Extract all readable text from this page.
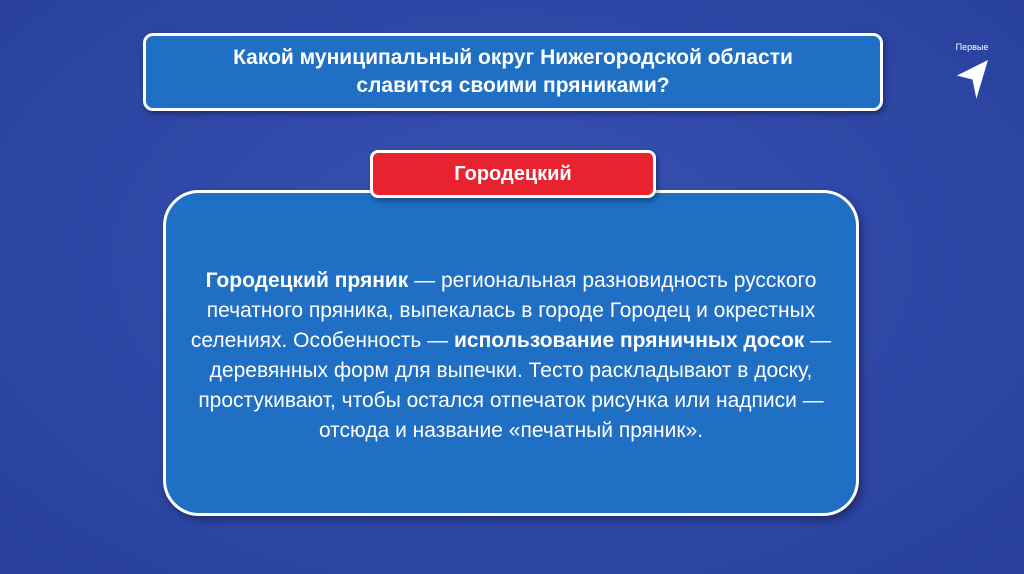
Какой муниципальный округ Нижегородской области славится своими пряниками?
Городецкий
Городецкий пряник — региональная разновидность русского печатного пряника, выпекалась в городе Городец и окрестных селениях. Особенность — использование пряничных досок — деревянных форм для выпечки. Тесто раскладывают в доску, простукивают, чтобы остался отпечаток рисунка или надписи — отсюда и название «печатный пряник».
Первые
